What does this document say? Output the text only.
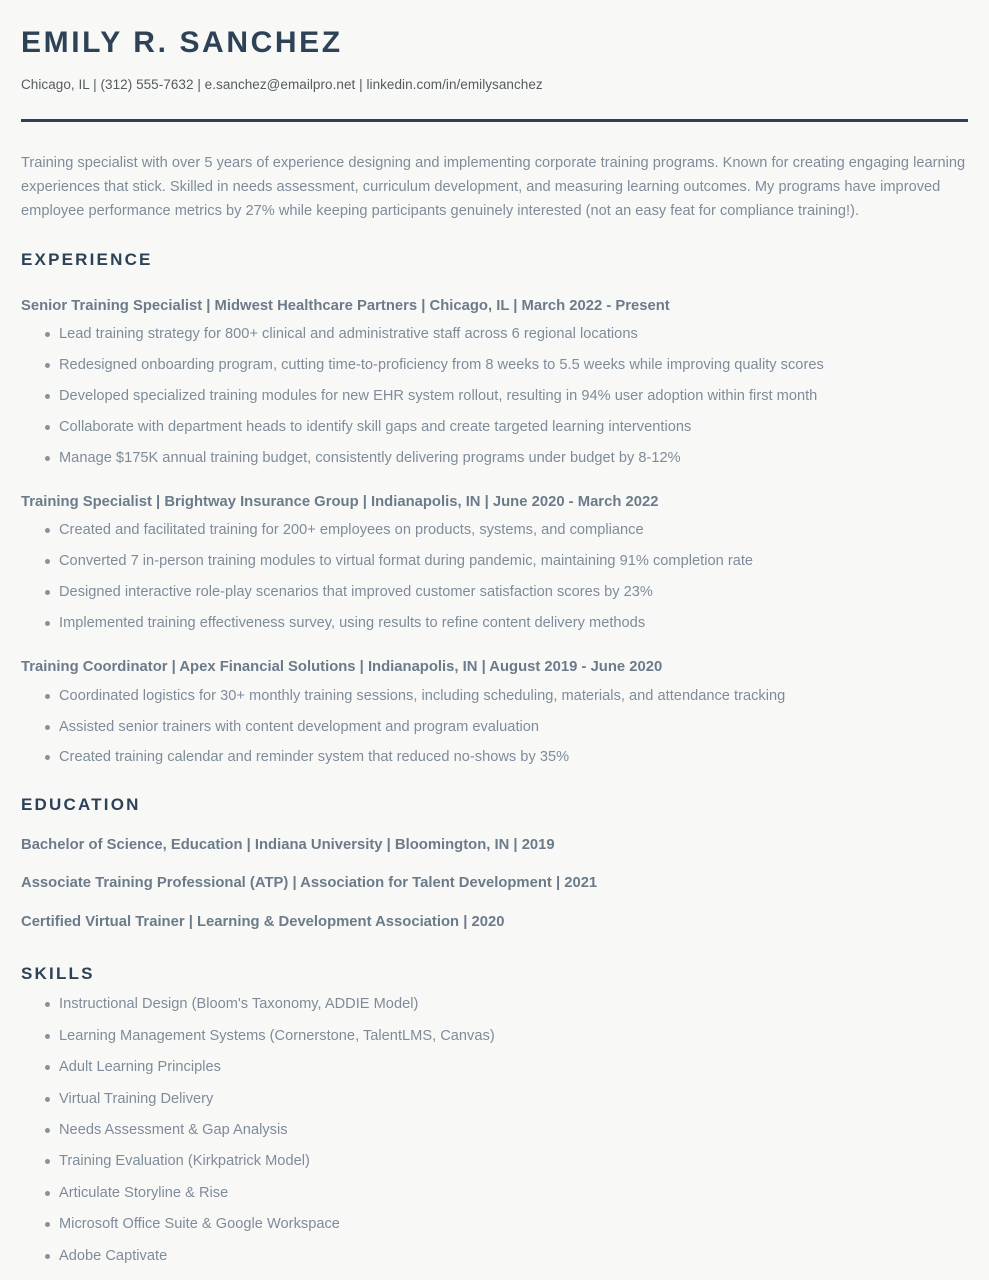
EMILY R. SANCHEZ
Chicago, IL | (312) 555-7632 | e.sanchez@emailpro.net | linkedin.com/in/emilysanchez

Training specialist with over 5 years of experience designing and implementing corporate training programs. Known for creating engaging learning experiences that stick. Skilled in needs assessment, curriculum development, and measuring learning outcomes. My programs have improved employee performance metrics by 27% while keeping participants genuinely interested (not an easy feat for compliance training!).

EXPERIENCE
Senior Training Specialist | Midwest Healthcare Partners | Chicago, IL | March 2022 - Present
Lead training strategy for 800+ clinical and administrative staff across 6 regional locations
Redesigned onboarding program, cutting time-to-proficiency from 8 weeks to 5.5 weeks while improving quality scores
Developed specialized training modules for new EHR system rollout, resulting in 94% user adoption within first month
Collaborate with department heads to identify skill gaps and create targeted learning interventions
Manage $175K annual training budget, consistently delivering programs under budget by 8-12%
Training Specialist | Brightway Insurance Group | Indianapolis, IN | June 2020 - March 2022
Created and facilitated training for 200+ employees on products, systems, and compliance
Converted 7 in-person training modules to virtual format during pandemic, maintaining 91% completion rate
Designed interactive role-play scenarios that improved customer satisfaction scores by 23%
Implemented training effectiveness survey, using results to refine content delivery methods
Training Coordinator | Apex Financial Solutions | Indianapolis, IN | August 2019 - June 2020
Coordinated logistics for 30+ monthly training sessions, including scheduling, materials, and attendance tracking
Assisted senior trainers with content development and program evaluation
Created training calendar and reminder system that reduced no-shows by 35%
EDUCATION
Bachelor of Science, Education | Indiana University | Bloomington, IN | 2019
Associate Training Professional (ATP) | Association for Talent Development | 2021
Certified Virtual Trainer | Learning & Development Association | 2020
SKILLS
Instructional Design (Bloom's Taxonomy, ADDIE Model)
Learning Management Systems (Cornerstone, TalentLMS, Canvas)
Adult Learning Principles
Virtual Training Delivery
Needs Assessment & Gap Analysis
Training Evaluation (Kirkpatrick Model)
Articulate Storyline & Rise
Microsoft Office Suite & Google Workspace
Adobe Captivate
